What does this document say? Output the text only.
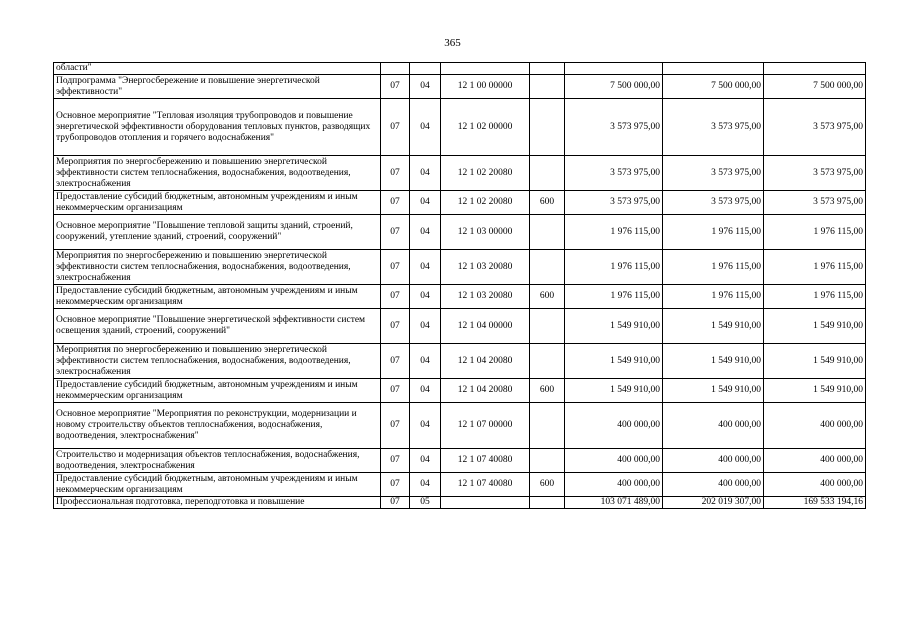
365
области"							
Подпрограмма "Энергосбережение и повышение энергетической эффективности"	07	04	12 1 00 00000		7 500 000,00	7 500 000,00	7 500 000,00
Основное мероприятие "Тепловая изоляция трубопроводов и повышение энергетической эффективности оборудования тепловых пунктов, разводящих трубопроводов отопления и горячего водоснабжения"	07	04	12 1 02 00000		3 573 975,00	3 573 975,00	3 573 975,00
Мероприятия по энергосбережению и повышению энергетической эффективности систем теплоснабжения, водоснабжения, водоотведения, электроснабжения	07	04	12 1 02 20080		3 573 975,00	3 573 975,00	3 573 975,00
Предоставление субсидий бюджетным, автономным учреждениям и иным некоммерческим организациям	07	04	12 1 02 20080	600	3 573 975,00	3 573 975,00	3 573 975,00
Основное мероприятие "Повышение тепловой защиты зданий, строений, сооружений, утепление зданий, строений, сооружений"	07	04	12 1 03 00000		1 976 115,00	1 976 115,00	1 976 115,00
Мероприятия по энергосбережению и повышению энергетической эффективности систем теплоснабжения, водоснабжения, водоотведения, электроснабжения	07	04	12 1 03 20080		1 976 115,00	1 976 115,00	1 976 115,00
Предоставление субсидий бюджетным, автономным учреждениям и иным некоммерческим организациям	07	04	12 1 03 20080	600	1 976 115,00	1 976 115,00	1 976 115,00
Основное мероприятие "Повышение энергетической эффективности систем освещения зданий, строений, сооружений"	07	04	12 1 04 00000		1 549 910,00	1 549 910,00	1 549 910,00
Мероприятия по энергосбережению и повышению энергетической эффективности систем теплоснабжения, водоснабжения, водоотведения, электроснабжения	07	04	12 1 04 20080		1 549 910,00	1 549 910,00	1 549 910,00
Предоставление субсидий бюджетным, автономным учреждениям и иным некоммерческим организациям	07	04	12 1 04 20080	600	1 549 910,00	1 549 910,00	1 549 910,00
Основное мероприятие "Мероприятия по реконструкции, модернизации и новому строительству объектов теплоснабжения, водоснабжения, водоотведения, электроснабжения"	07	04	12 1 07 00000		400 000,00	400 000,00	400 000,00
Строительство и модернизация объектов теплоснабжения, водоснабжения, водоотведения, электроснабжения	07	04	12 1 07 40080		400 000,00	400 000,00	400 000,00
Предоставление субсидий бюджетным, автономным учреждениям и иным некоммерческим организациям	07	04	12 1 07 40080	600	400 000,00	400 000,00	400 000,00
Профессиональная подготовка, переподготовка и повышение	07	05			103 071 489,00	202 019 307,00	169 533 194,16
